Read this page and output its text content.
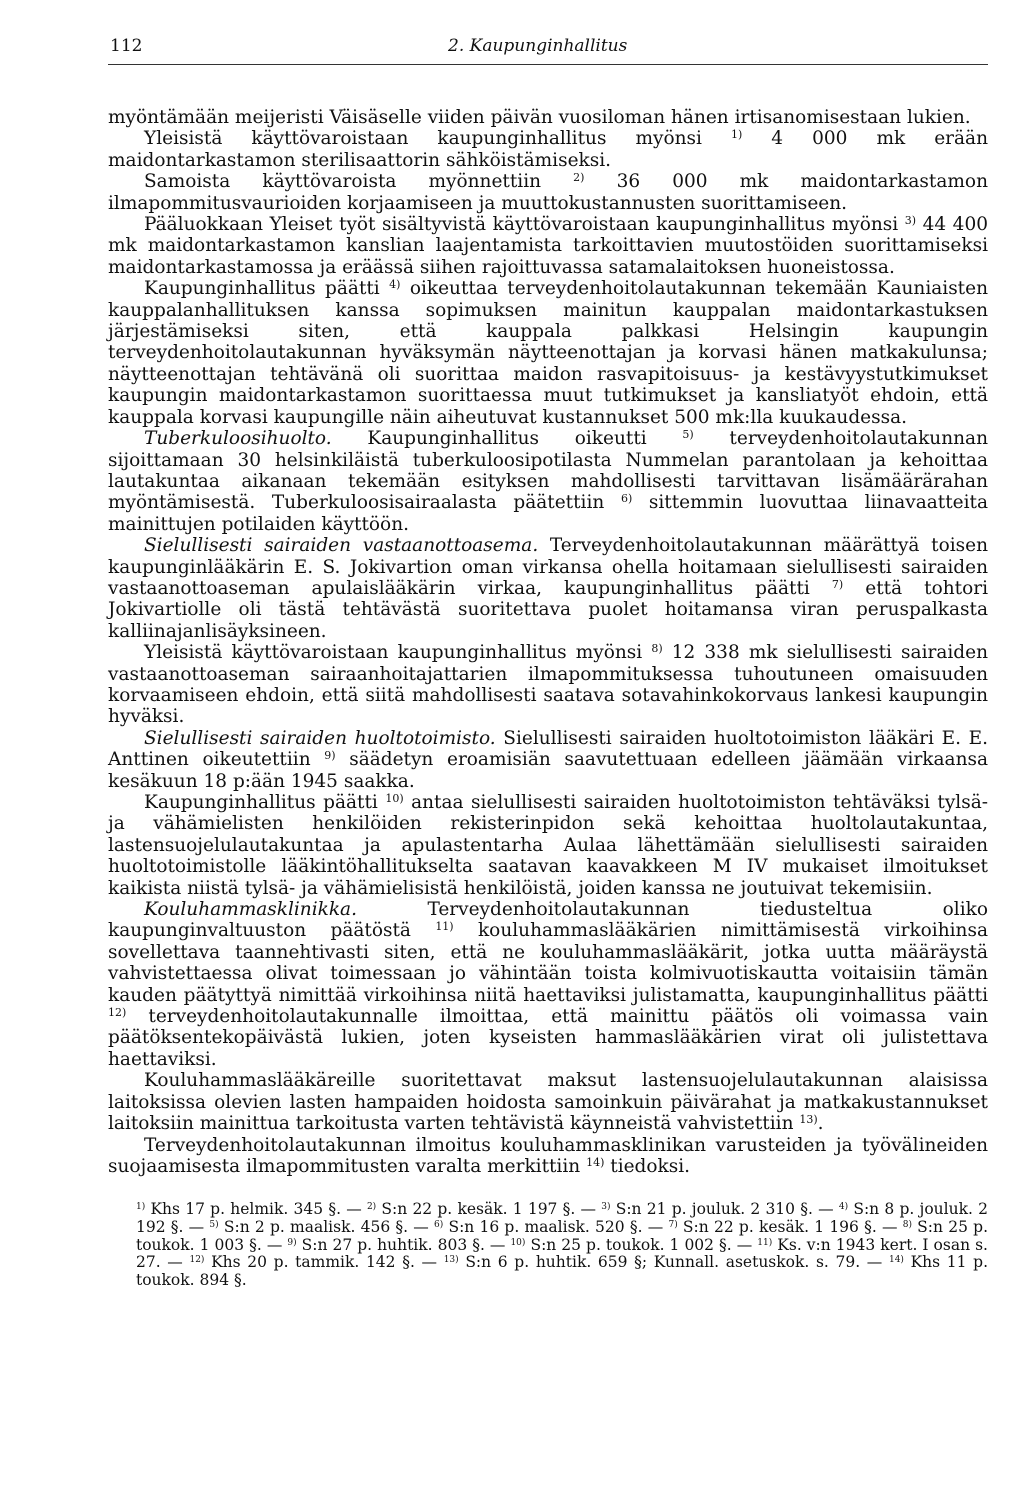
112	2. Kaupunginhallitus

myöntämään meijeristi Väisäselle viiden päivän vuosiloman hänen irtisanomisestaan lukien.

Yleisistä käyttövaroistaan kaupunginhallitus myönsi $^{1)}$ 4 000 mk erään maidontarkastamon sterilisaattorin sähköistämiseksi.

Samoista käyttövaroista myönnettiin $^{2)}$ 36 000 mk maidontarkastamon ilmapommitusvaurioiden korjaamiseen ja muuttokustannusten suorittamiseen.

Pääluokkaan Yleiset työt sisältyvistä käyttövaroistaan kaupunginhallitus myönsi $^{3)}$ 44 400 mk maidontarkastamon kanslian laajentamista tarkoittavien muutostöiden suorittamiseksi maidontarkastamossa ja eräässä siihen rajoittuvassa satamalaitoksen huoneistossa.

Kaupunginhallitus päätti $^{4)}$ oikeuttaa terveydenhoitolautakunnan tekemään Kauniaisten kauppalanhallituksen kanssa sopimuksen mainitun kauppalan maidontarkastuksen järjestämiseksi siten, että kauppala palkkasi Helsingin kaupungin terveydenhoitolautakunnan hyväksymän näytteenottajan ja korvasi hänen matkakulunsa; näytteenottajan tehtävänä oli suorittaa maidon rasvapitoisuus- ja kestävyystutkimukset kaupungin maidontarkastamon suorittaessa muut tutkimukset ja kansliatyöt ehdoin, että kauppala korvasi kaupungille näin aiheutuvat kustannukset 500 mk:lla kuukaudessa.

Tuberkuloosihuolto. Kaupunginhallitus oikeutti $^{5)}$ terveydenhoitolautakunnan sijoittamaan 30 helsinkiläistä tuberkuloosipotilasta Nummelan parantolaan ja kehoittaa lautakuntaa aikanaan tekemään esityksen mahdollisesti tarvittavan lisämäärärahan myöntämisestä. Tuberkuloosisairaalasta päätettiin $^{6)}$ sittemmin luovuttaa liinavaatteita mainittujen potilaiden käyttöön.

Sielullisesti sairaiden vastaanottoasema. Terveydenhoitolautakunnan määrättyä toisen kaupunginlääkärin E. S. Jokivartion oman virkansa ohella hoitamaan sielullisesti sairaiden vastaanottoaseman apulaislääkärin virkaa, kaupunginhallitus päätti $^{7)}$ että tohtori Jokivartiolle oli tästä tehtävästä suoritettava puolet hoitamansa viran peruspalkasta kalliinajanlisäyksineen.

Yleisistä käyttövaroistaan kaupunginhallitus myönsi $^{8)}$ 12 338 mk sielullisesti sairaiden vastaanottoaseman sairaanhoitajattarien ilmapommituksessa tuhoutuneen omaisuuden korvaamiseen ehdoin, että siitä mahdollisesti saatava sotavahinkokorvaus lankesi kaupungin hyväksi.

Sielullisesti sairaiden huoltotoimisto. Sielullisesti sairaiden huoltotoimiston lääkäri E. E. Anttinen oikeutettiin $^{9)}$ säädetyn eroamisiän saavutettuaan edelleen jäämään virkaansa kesäkuun 18 p:ään 1945 saakka.

Kaupunginhallitus päätti $^{10)}$ antaa sielullisesti sairaiden huoltotoimiston tehtäväksi tylsä- ja vähämielisten henkilöiden rekisterinpidon sekä kehoittaa huoltolautakuntaa, lastensuojelulautakuntaa ja apulastentarha Aulaa lähettämään sielullisesti sairaiden huoltotoimistolle lääkintöhallitukselta saatavan kaavakkeen M IV mukaiset ilmoitukset kaikista niistä tylsä- ja vähämielisistä henkilöistä, joiden kanssa ne joutuivat tekemisiin.

Kouluhammasklinikka. Terveydenhoitolautakunnan tiedusteltua oliko kaupunginvaltuuston päätöstä $^{11)}$ kouluhammaslääkärien nimittämisestä virkoihinsa sovellettava taannehtivasti siten, että ne kouluhammaslääkärit, jotka uutta määräystä vahvistettaessa olivat toimessaan jo vähintään toista kolmivuotiskautta voitaisiin tämän kauden päätyttyä nimittää virkoihinsa niitä haettaviksi julistamatta, kaupunginhallitus päätti $^{12)}$ terveydenhoitolautakunnalle ilmoittaa, että mainittu päätös oli voimassa vain päätöksentekopäivästä lukien, joten kyseisten hammaslääkärien virat oli julistettava haettaviksi.

Kouluhammaslääkäreille suoritettavat maksut lastensuojelulautakunnan alaisissa laitoksissa olevien lasten hampaiden hoidosta samoinkuin päivärahat ja matkakustannukset laitoksiin mainittua tarkoitusta varten tehtävistä käynneistä vahvistettiin $^{13)}$.

Terveydenhoitolautakunnan ilmoitus kouluhammasklinikan varusteiden ja työvälineiden suojaamisesta ilmapommitusten varalta merkittiin $^{14)}$ tiedoksi.

$^{1)}$ Khs 17 p. helmik. 345 §. — $^{2)}$ S:n 22 p. kesäk. 1 197 §. — $^{3)}$ S:n 21 p. jouluk. 2 310 §. — $^{4)}$ S:n 8 p. jouluk. 2 192 §. — $^{5)}$ S:n 2 p. maalisk. 456 §. — $^{6)}$ S:n 16 p. maalisk. 520 §. — $^{7)}$ S:n 22 p. kesäk. 1 196 §. — $^{8)}$ S:n 25 p. toukok. 1 003 §. — $^{9)}$ S:n 27 p. huhtik. 803 §. — $^{10)}$ S:n 25 p. toukok. 1 002 §. — $^{11)}$ Ks. v:n 1943 kert. I osan s. 27. — $^{12)}$ Khs 20 p. tammik. 142 §. — $^{13)}$ S:n 6 p. huhtik. 659 §; Kunnall. asetuskok. s. 79. — $^{14)}$ Khs 11 p. toukok. 894 §.
